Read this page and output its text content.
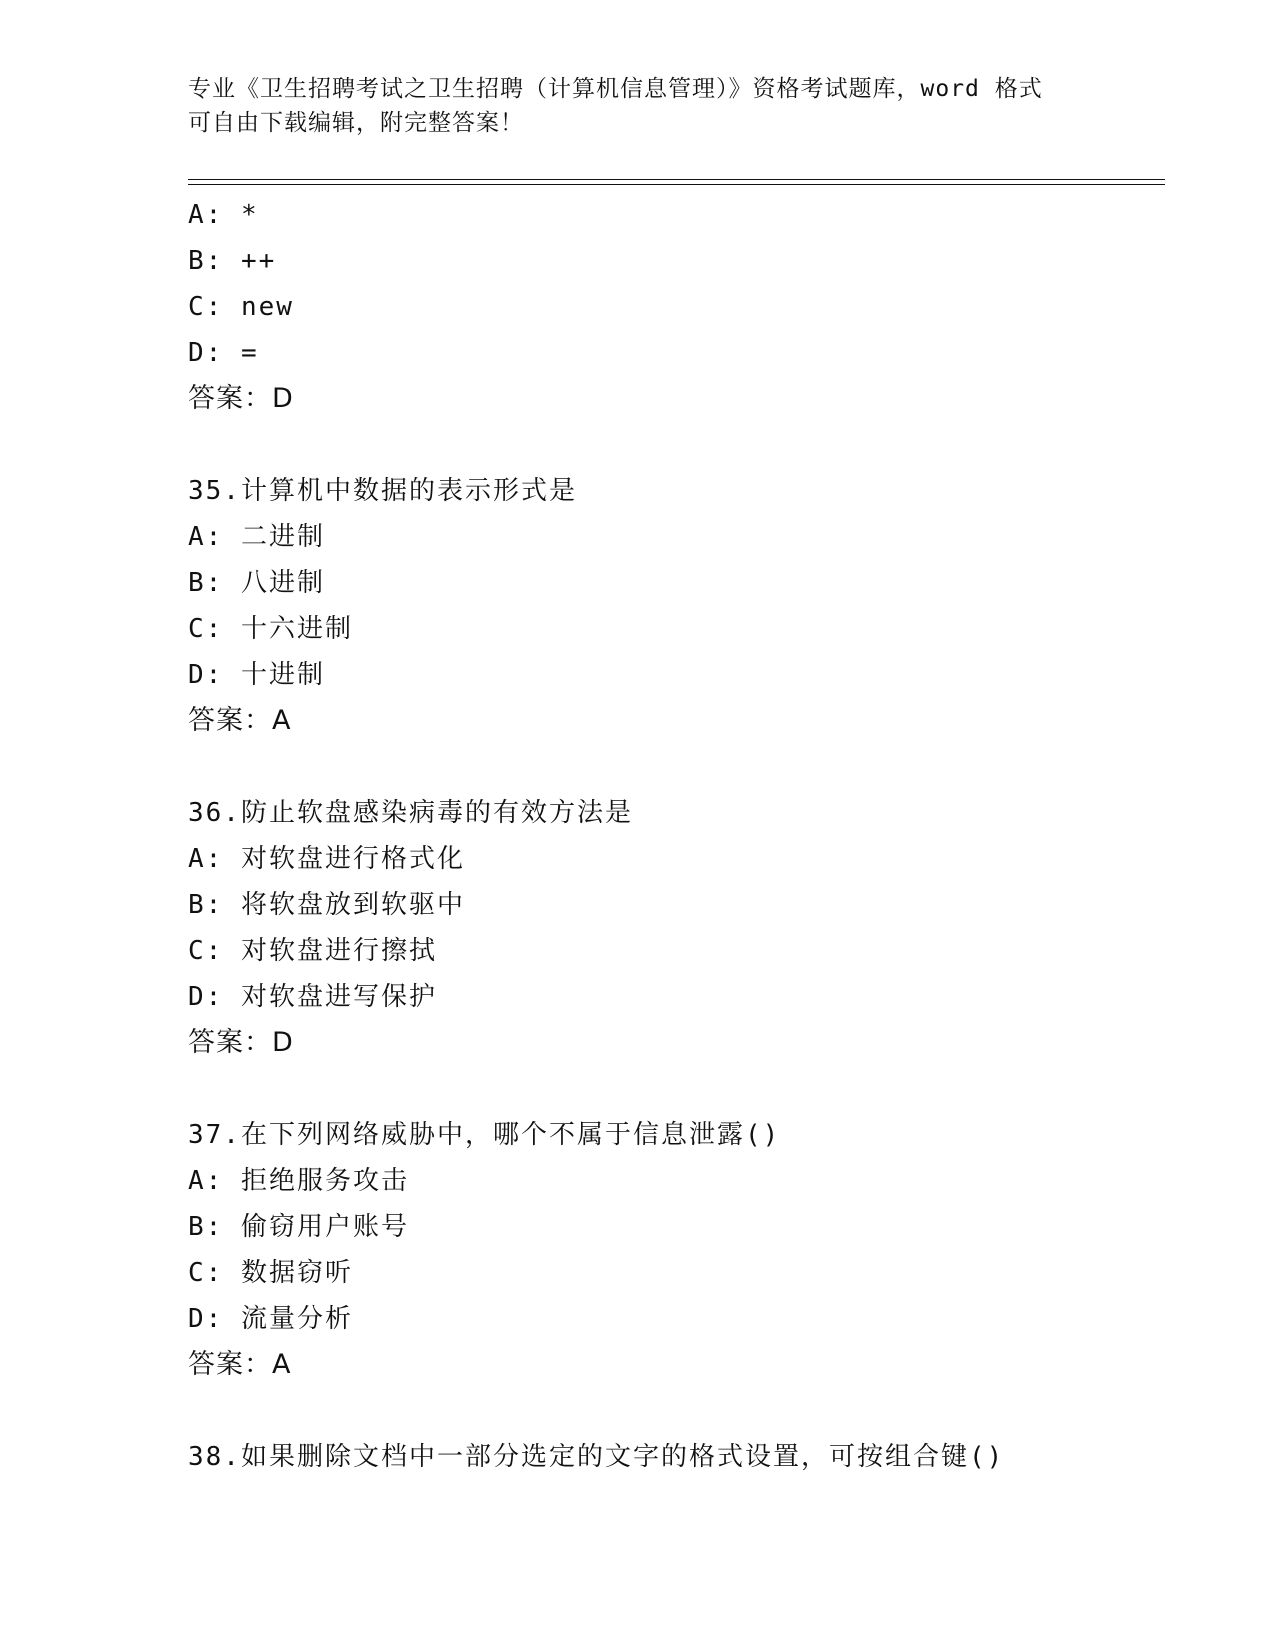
专业《卫生招聘考试之卫生招聘（计算机信息管理）》资格考试题库，word 格式
可自由下载编辑，附完整答案！
A: *
B: ++
C: new
D: =
答案：D
35.计算机中数据的表示形式是
A: 二进制
B: 八进制
C: 十六进制
D: 十进制
答案：A
36.防止软盘感染病毒的有效方法是
A: 对软盘进行格式化
B: 将软盘放到软驱中
C: 对软盘进行擦拭
D: 对软盘进写保护
答案：D
37.在下列网络威胁中，哪个不属于信息泄露()
A: 拒绝服务攻击
B: 偷窃用户账号
C: 数据窃听
D: 流量分析
答案：A
38.如果删除文档中一部分选定的文字的格式设置，可按组合键()
